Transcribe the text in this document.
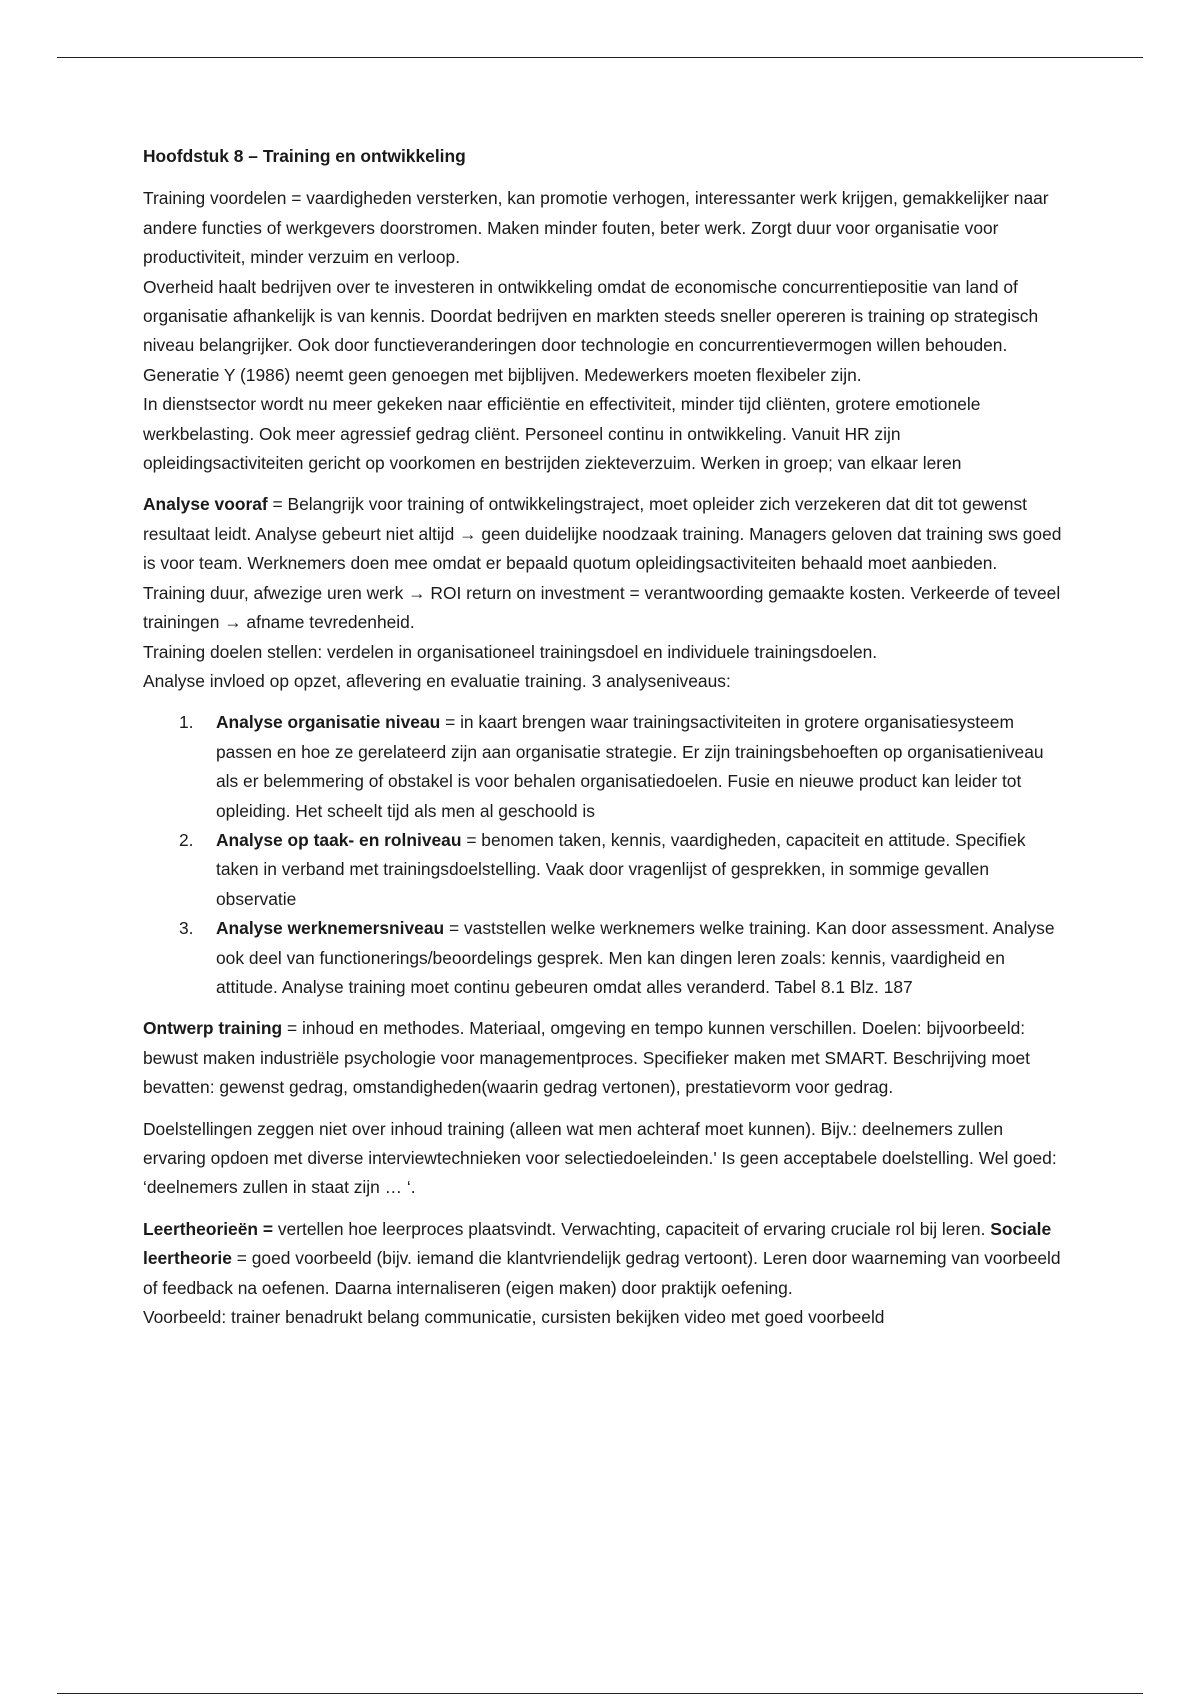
Hoofdstuk 8 – Training en ontwikkeling

Training voordelen = vaardigheden versterken, kan promotie verhogen, interessanter werk krijgen, gemakkelijker naar andere functies of werkgevers doorstromen. Maken minder fouten, beter werk. Zorgt duur voor organisatie voor productiviteit, minder verzuim en verloop.

Overheid haalt bedrijven over te investeren in ontwikkeling omdat de economische concurrentiepositie van land of organisatie afhankelijk is van kennis. Doordat bedrijven en markten steeds sneller opereren is training op strategisch niveau belangrijker. Ook door functieveranderingen door technologie en concurrentievermogen willen behouden. Generatie Y (1986) neemt geen genoegen met bijblijven. Medewerkers moeten flexibeler zijn.

In dienstsector wordt nu meer gekeken naar efficiëntie en effectiviteit, minder tijd cliënten, grotere emotionele werkbelasting. Ook meer agressief gedrag cliënt. Personeel continu in ontwikkeling. Vanuit HR zijn opleidingsactiviteiten gericht op voorkomen en bestrijden ziekteverzuim. Werken in groep; van elkaar leren

Analyse vooraf = Belangrijk voor training of ontwikkelingstraject, moet opleider zich verzekeren dat dit tot gewenst resultaat leidt. Analyse gebeurt niet altijd → geen duidelijke noodzaak training. Managers geloven dat training sws goed is voor team. Werknemers doen mee omdat er bepaald quotum opleidingsactiviteiten behaald moet aanbieden. Training duur, afwezige uren werk → ROI return on investment = verantwoording gemaakte kosten. Verkeerde of teveel trainingen → afname tevredenheid.

Training doelen stellen: verdelen in organisationeel trainingsdoel en individuele trainingsdoelen.

Analyse invloed op opzet, aflevering en evaluatie training. 3 analyseniveaus:

1. Analyse organisatie niveau = in kaart brengen waar trainingsactiviteiten in grotere organisatiesysteem passen en hoe ze gerelateerd zijn aan organisatie strategie. Er zijn trainingsbehoeften op organisatieniveau als er belemmering of obstakel is voor behalen organisatiedoelen. Fusie en nieuwe product kan leider tot opleiding. Het scheelt tijd als men al geschoold is
2. Analyse op taak- en rolniveau = benomen taken, kennis, vaardigheden, capaciteit en attitude. Specifiek taken in verband met trainingsdoelstelling. Vaak door vragenlijst of gesprekken, in sommige gevallen observatie
3. Analyse werknemersniveau = vaststellen welke werknemers welke training. Kan door assessment. Analyse ook deel van functionerings/beoordelings gesprek. Men kan dingen leren zoals: kennis, vaardigheid en attitude. Analyse training moet continu gebeuren omdat alles veranderd. Tabel 8.1 Blz. 187

Ontwerp training = inhoud en methodes. Materiaal, omgeving en tempo kunnen verschillen. Doelen: bijvoorbeeld: bewust maken industriële psychologie voor managementproces. Specifieker maken met SMART. Beschrijving moet bevatten: gewenst gedrag, omstandigheden(waarin gedrag vertonen), prestatievorm voor gedrag.

Doelstellingen zeggen niet over inhoud training (alleen wat men achteraf moet kunnen). Bijv.: deelnemers zullen ervaring opdoen met diverse interviewtechnieken voor selectiedoeleinden.' Is geen acceptabele doelstelling. Wel goed: ‘deelnemers zullen in staat zijn … ‘.

Leertheorieën = vertellen hoe leerproces plaatsvindt. Verwachting, capaciteit of ervaring cruciale rol bij leren. Sociale leertheorie = goed voorbeeld (bijv. iemand die klantvriendelijk gedrag vertoont). Leren door waarneming van voorbeeld of feedback na oefenen. Daarna internaliseren (eigen maken) door praktijk oefening.

Voorbeeld: trainer benadrukt belang communicatie, cursisten bekijken video met goed voorbeeld
